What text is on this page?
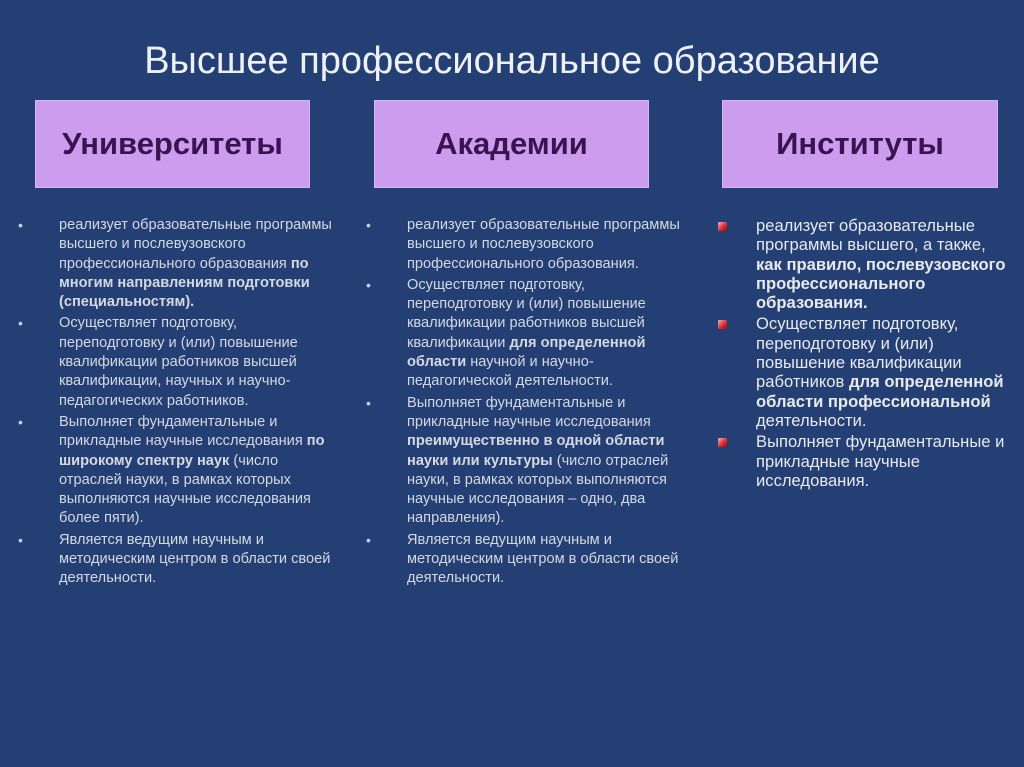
Высшее профессиональное образование
Университеты	Академии	Институты
• реализует образовательные программы высшего и послевузовского профессионального образования по многим направлениям подготовки (специальностям).
• Осуществляет подготовку, переподготовку и (или) повышение квалификации работников высшей квалификации, научных и научно-педагогических работников.
• Выполняет фундаментальные и прикладные научные исследования по широкому спектру наук (число отраслей науки, в рамках которых выполняются научные исследования более пяти).
• Является ведущим научным и методическим центром в области своей деятельности.
• реализует образовательные программы высшего и послевузовского профессионального образования.
• Осуществляет подготовку, переподготовку и (или) повышение квалификации работников высшей квалификации для определенной области научной и научно-педагогической деятельности.
• Выполняет фундаментальные и прикладные научные исследования преимущественно в одной области науки или культуры (число отраслей науки, в рамках которых выполняются научные исследования – одно, два направления).
• Является ведущим научным и методическим центром в области своей деятельности.
реализует образовательные программы высшего, а также, как правило, послевузовского профессионального образования.
Осуществляет подготовку, переподготовку и (или) повышение квалификации работников для определенной области профессиональной деятельности.
Выполняет фундаментальные и прикладные научные исследования.
